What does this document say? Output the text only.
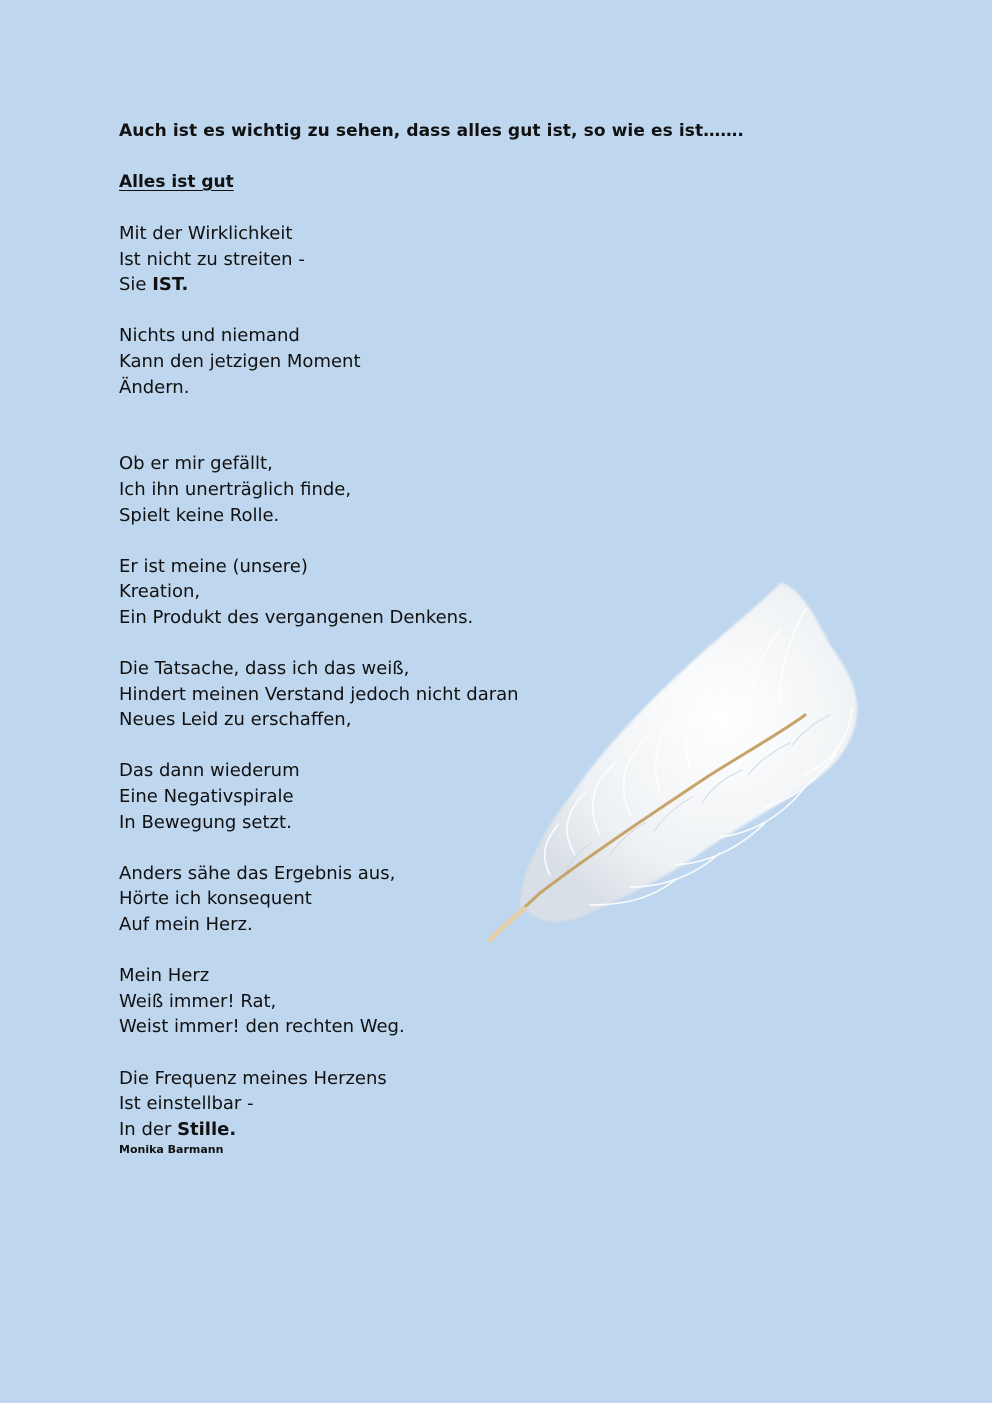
Auch ist es wichtig zu sehen, dass alles gut ist, so wie es ist…….
Alles ist gut
Mit der Wirklichkeit
Ist nicht zu streiten -
Sie IST.
Nichts und niemand
Kann den jetzigen Moment
Ändern.
Ob er mir gefällt,
Ich ihn unerträglich finde,
Spielt keine Rolle.
Er ist meine (unsere)
Kreation,
Ein Produkt des vergangenen Denkens.
Die Tatsache, dass ich das weiß,
Hindert meinen Verstand jedoch nicht daran
Neues Leid zu erschaffen,
Das dann wiederum
Eine Negativspirale
In Bewegung setzt.
Anders sähe das Ergebnis aus,
Hörte ich konsequent
Auf mein Herz.
Mein Herz
Weiß immer! Rat,
Weist immer! den rechten Weg.
Die Frequenz meines Herzens
Ist einstellbar -
In der Stille.
Monika Barmann
